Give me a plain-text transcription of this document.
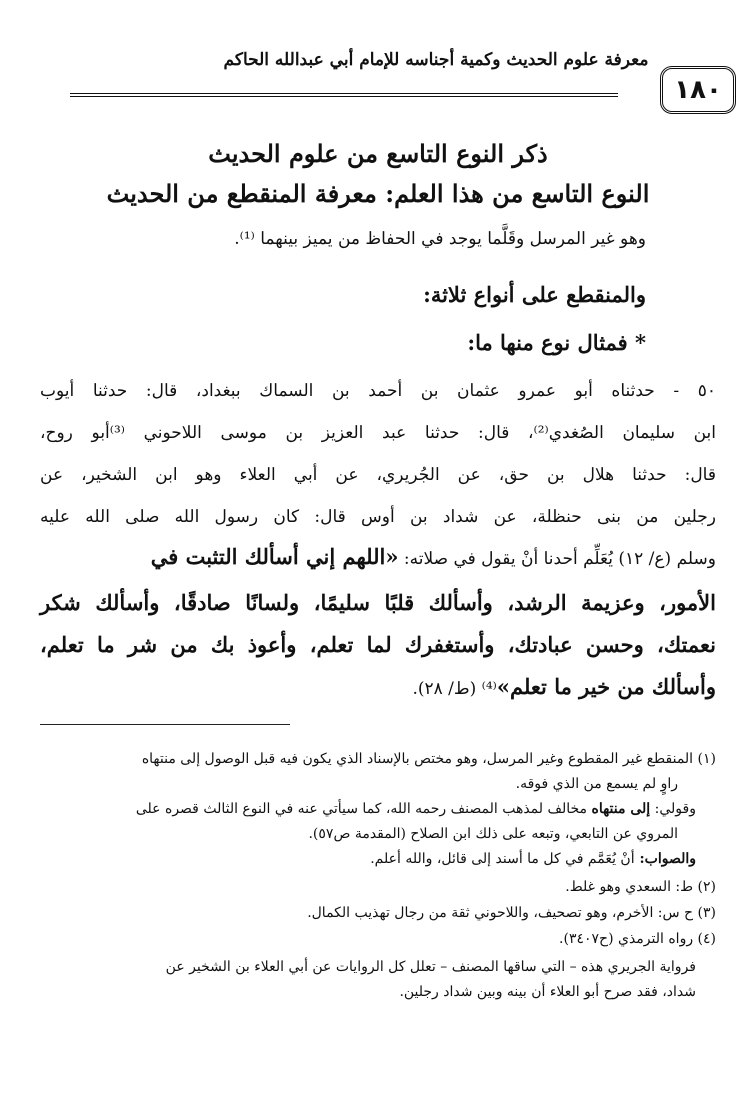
معرفة علوم الحديث وكمية أجناسه للإمام أبي عبدالله الحاكم
١٨٠
ذكر النوع التاسع من علوم الحديث
النوع التاسع من هذا العلم: معرفة المنقطع من الحديث
وهو غير المرسل وقَلَّما يوجد في الحفاظ من يميز بينهما ⁽¹⁾.
والمنقطع على أنواع ثلاثة:
* فمثال نوع منها ما:
٥٠ - حدثناه أبو عمرو عثمان بن أحمد بن السماك ببغداد، قال: حدثنا أيوب
ابن سليمان الصُغدي⁽²⁾، قال: حدثنا عبد العزيز بن موسى اللاحوني ⁽³⁾أبو روح،
قال: حدثنا هلال بن حق، عن الجُريري، عن أبي العلاء وهو ابن الشخير، عن
رجلين من بنى حنظلة، عن شداد بن أوس قال: كان رسول الله صلى الله عليه
وسلم (ع/ ١٢) يُعَلِّم أحدنا أنْ يقول في صلاته: «اللهم إني أسألك التثبت في
الأمور، وعزيمة الرشد، وأسألك قلبًا سليمًا، ولسانًا صادقًا، وأسألك شكر
نعمتك، وحسن عبادتك، وأستغفرك لما تعلم، وأعوذ بك من شر ما تعلم،
وأسألك من خير ما تعلم»⁽⁴⁾ (ط/ ٢٨).
(١) المنقطع غير المقطوع وغير المرسل، وهو مختص بالإسناد الذي يكون فيه قبل الوصول إلى منتهاه
راوٍ لم يسمع من الذي فوقه.
وقولي: إلى منتهاه مخالف لمذهب المصنف رحمه الله، كما سيأتي عنه في النوع الثالث قصره على
المروي عن التابعي، وتبعه على ذلك ابن الصلاح (المقدمة ص٥٧).
والصواب: أنْ يُعَمَّم في كل ما أسند إلى قائل، والله أعلم.
(٢) ط: السعدي وهو غلط.
(٣) ح س: الأخرم، وهو تصحيف، واللاحوني ثقة من رجال تهذيب الكمال.
(٤) رواه الترمذي (ح٣٤٠٧).
فرواية الجريري هذه – التي ساقها المصنف – تعلل كل الروايات عن أبي العلاء بن الشخير عن
شداد، فقد صرح أبو العلاء أن بينه وبين شداد رجلين.
